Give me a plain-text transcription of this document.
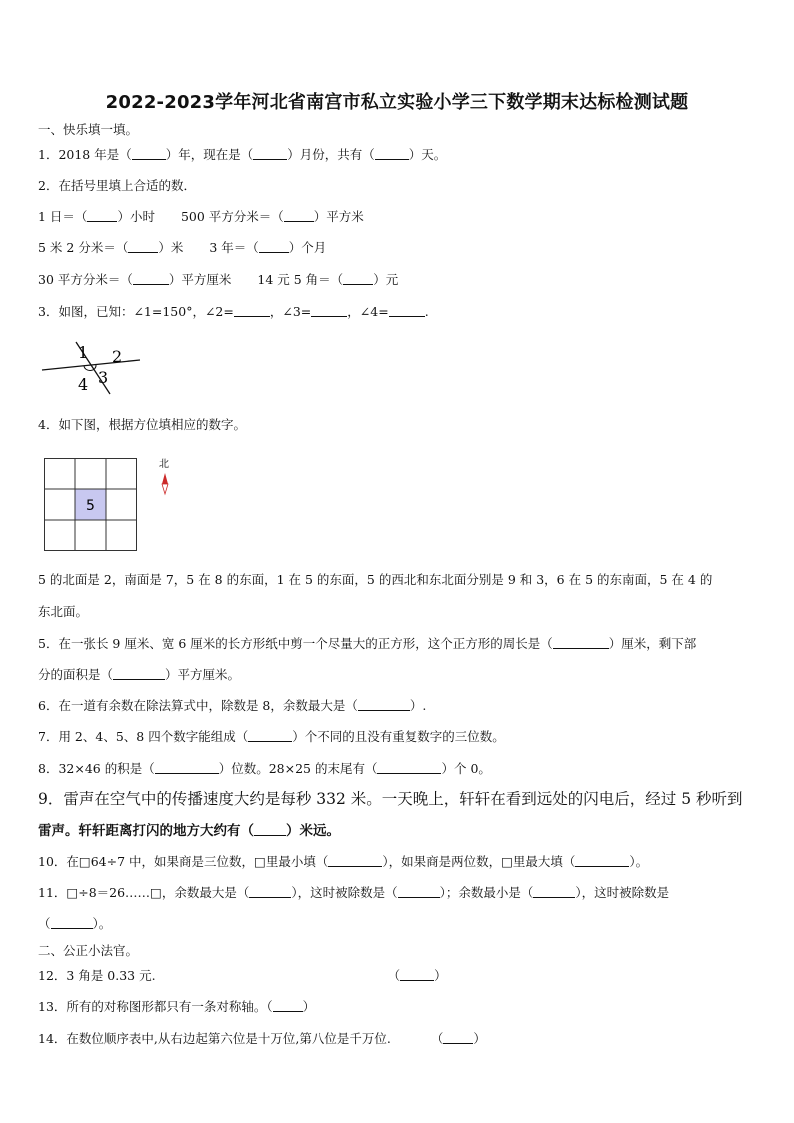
2022-2023学年河北省南宫市私立实验小学三下数学期末达标检测试题
一、快乐填一填。
1．2018 年是（	）年，现在是（	）月份，共有（	）天。
2．在括号里填上合适的数．
1 日＝（ ）小时 500 平方分米＝（ ）平方米
5 米 2 分米＝（ ）米 3 年＝（ ）个月
30 平方分米＝（	）平方厘米 14 元 5 角＝（ ）元
3．如图，已知：∠1=150°，∠2=	，∠3=	，∠4=	.
1 2
3
4
4．如下图，根据方位填相应的数字。
5
北
5 的北面是 2，南面是 7，5 在 8 的东面，1 在 5 的东面，5 的西北和东北面分别是 9 和 3，6 在 5 的东南面，5 在 4 的
东北面。
5．在一张长 9 厘米、宽 6 厘米的长方形纸中剪一个尽量大的正方形，这个正方形的周长是（	）厘米，剩下部
分的面积是（	）平方厘米。
6．在一道有余数在除法算式中，除数是 8，余数最大是（	）.
7．用 2、4、5、8 四个数字能组成（	）个不同的且没有重复数字的三位数。
8．32×46 的积是（	）位数。28×25 的末尾有（	）个 0。
9．雷声在空气中的传播速度大约是每秒 332 米。一天晚上，轩轩在看到远处的闪电后，经过 5 秒听到
雷声。轩轩距离打闪的地方大约有（ ）米远。
10．在□64÷7 中，如果商是三位数，□里最小填（	），如果商是两位数，□里最大填（	）。
11．□÷8＝26……□，余数最大是（	），这时被除数是（	）；余数最小是（	），这时被除数是
（	）。
二、公正小法官。
12．3 角是 0.33 元.	（	）
13．所有的对称图形都只有一条对称轴。（ ）
14．在数位顺序表中,从右边起第六位是十万位,第八位是千万位.	（ ）
